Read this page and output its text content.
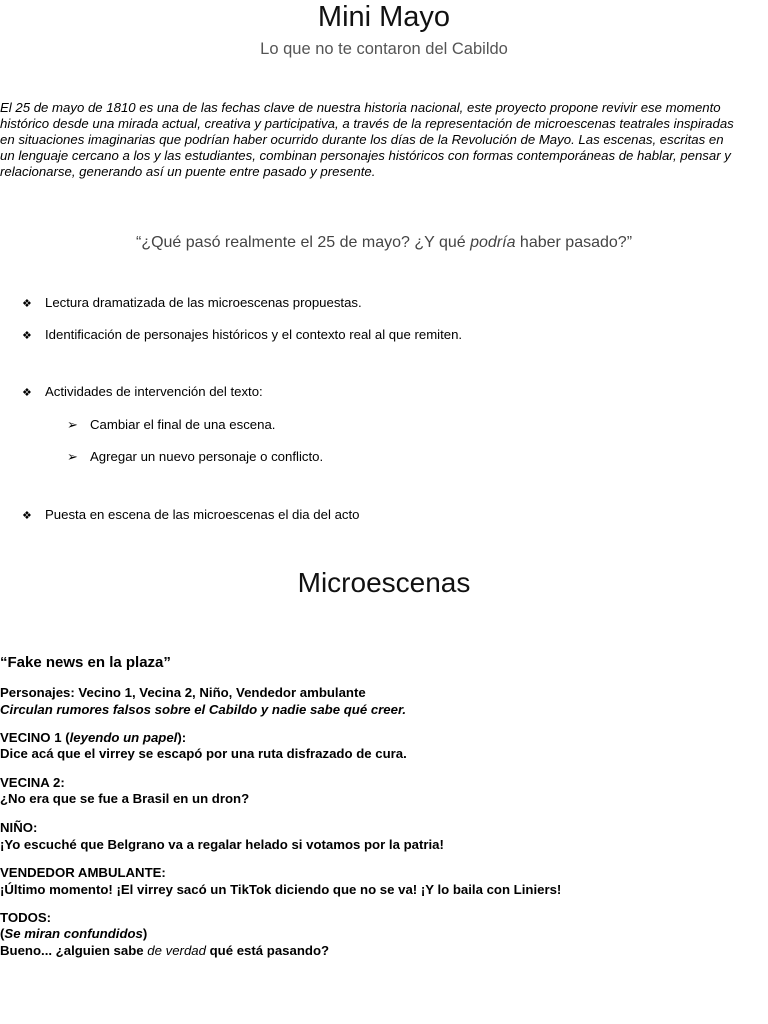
Mini Mayo
Lo que no te contaron del Cabildo
El 25 de mayo de 1810 es una de las fechas clave de nuestra historia nacional, este proyecto propone revivir ese momento
histórico desde una mirada actual, creativa y participativa, a través de la representación de microescenas teatrales inspiradas
en situaciones imaginarias que podrían haber ocurrido durante los días de la Revolución de Mayo. Las escenas, escritas en
un lenguaje cercano a los y las estudiantes, combinan personajes históricos con formas contemporáneas de hablar, pensar y
relacionarse, generando así un puente entre pasado y presente.
“¿Qué pasó realmente el 25 de mayo? ¿Y qué podría haber pasado?”
❖ Lectura dramatizada de las microescenas propuestas.
❖ Identificación de personajes históricos y el contexto real al que remiten.
❖ Actividades de intervención del texto:
➢ Cambiar el final de una escena.
➢ Agregar un nuevo personaje o conflicto.
❖ Puesta en escena de las microescenas el dia del acto
Microescenas
“Fake news en la plaza”
Personajes: Vecino 1, Vecina 2, Niño, Vendedor ambulante
Circulan rumores falsos sobre el Cabildo y nadie sabe qué creer.
VECINO 1 (leyendo un papel):
Dice acá que el virrey se escapó por una ruta disfrazado de cura.
VECINA 2:
¿No era que se fue a Brasil en un dron?
NIÑO:
¡Yo escuché que Belgrano va a regalar helado si votamos por la patria!
VENDEDOR AMBULANTE:
¡Último momento! ¡El virrey sacó un TikTok diciendo que no se va! ¡Y lo baila con Liniers!
TODOS:
(Se miran confundidos)
Bueno... ¿alguien sabe de verdad qué está pasando?
